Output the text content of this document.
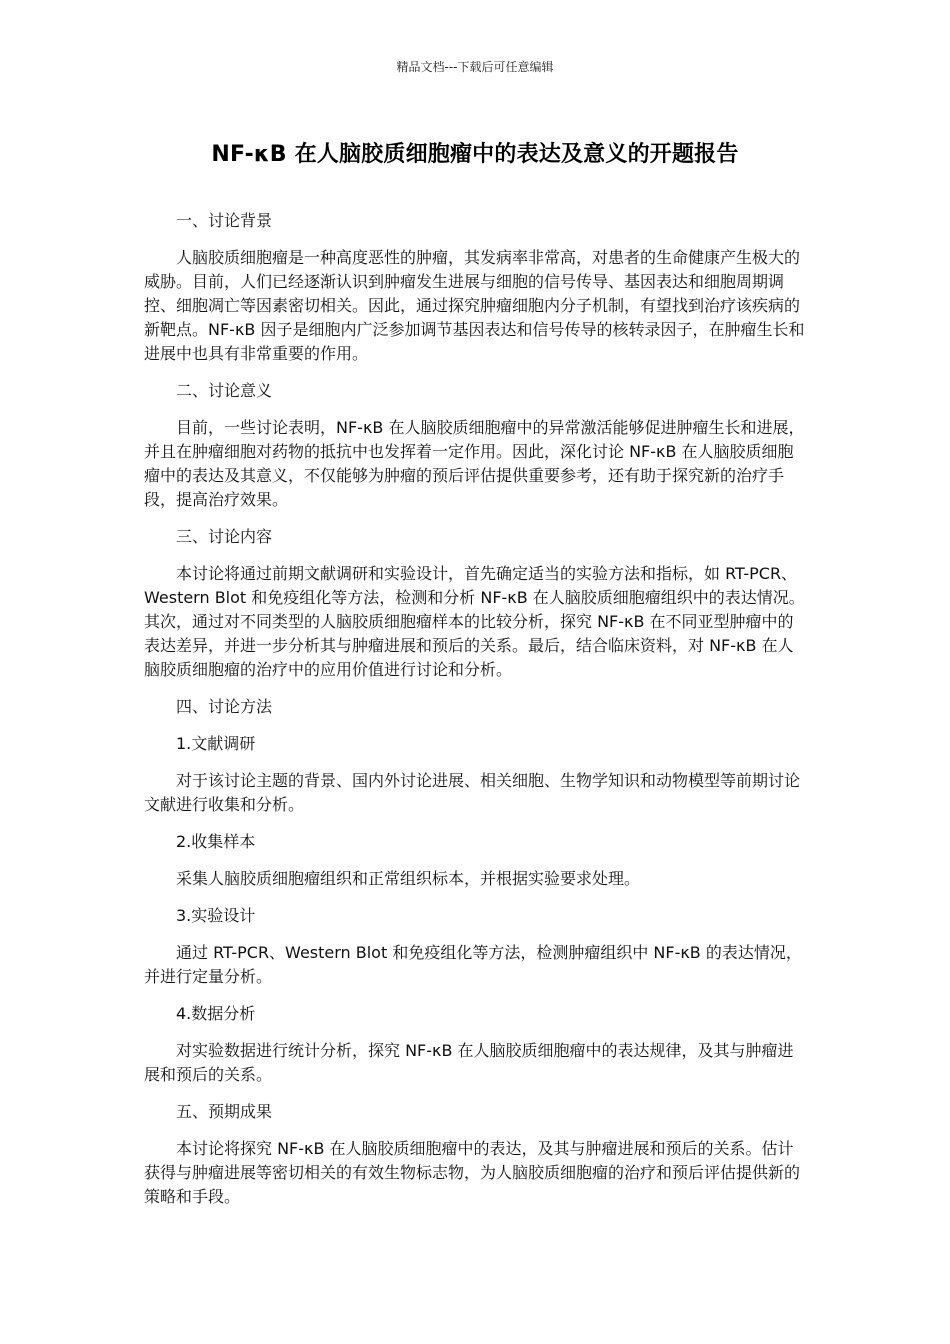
精品文档---下载后可任意编辑
NF-κB 在人脑胶质细胞瘤中的表达及意义的开题报告

一、讨论背景

人脑胶质细胞瘤是一种高度恶性的肿瘤，其发病率非常高，对患者的生命健康产生极大的威胁。目前，人们已经逐渐认识到肿瘤发生进展与细胞的信号传导、基因表达和细胞周期调控、细胞凋亡等因素密切相关。因此，通过探究肿瘤细胞内分子机制，有望找到治疗该疾病的新靶点。NF-κB 因子是细胞内广泛参加调节基因表达和信号传导的核转录因子，在肿瘤生长和进展中也具有非常重要的作用。

二、讨论意义

目前，一些讨论表明，NF-κB 在人脑胶质细胞瘤中的异常激活能够促进肿瘤生长和进展，并且在肿瘤细胞对药物的抵抗中也发挥着一定作用。因此，深化讨论 NF-κB 在人脑胶质细胞瘤中的表达及其意义，不仅能够为肿瘤的预后评估提供重要参考，还有助于探究新的治疗手段，提高治疗效果。

三、讨论内容

本讨论将通过前期文献调研和实验设计，首先确定适当的实验方法和指标，如 RT-PCR、Western Blot 和免疫组化等方法，检测和分析 NF-κB 在人脑胶质细胞瘤组织中的表达情况。其次，通过对不同类型的人脑胶质细胞瘤样本的比较分析，探究 NF-κB 在不同亚型肿瘤中的表达差异，并进一步分析其与肿瘤进展和预后的关系。最后，结合临床资料，对 NF-κB 在人脑胶质细胞瘤的治疗中的应用价值进行讨论和分析。

四、讨论方法

1.文献调研

对于该讨论主题的背景、国内外讨论进展、相关细胞、生物学知识和动物模型等前期讨论文献进行收集和分析。

2.收集样本

采集人脑胶质细胞瘤组织和正常组织标本，并根据实验要求处理。

3.实验设计

通过 RT-PCR、Western Blot 和免疫组化等方法，检测肿瘤组织中 NF-κB 的表达情况，并进行定量分析。

4.数据分析

对实验数据进行统计分析，探究 NF-κB 在人脑胶质细胞瘤中的表达规律，及其与肿瘤进展和预后的关系。

五、预期成果

本讨论将探究 NF-κB 在人脑胶质细胞瘤中的表达，及其与肿瘤进展和预后的关系。估计获得与肿瘤进展等密切相关的有效生物标志物，为人脑胶质细胞瘤的治疗和预后评估提供新的策略和手段。
